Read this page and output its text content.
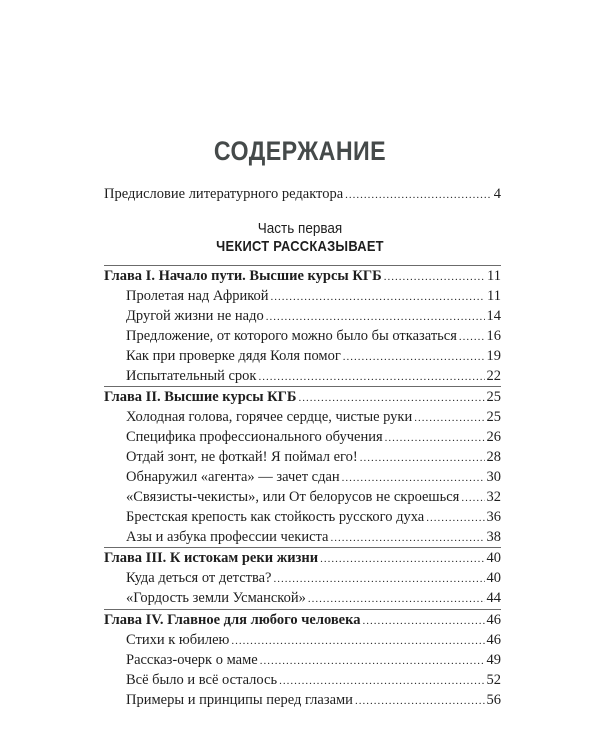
СОДЕРЖАНИЕ
Предисловие литературного редактора .....	4
Часть первая
ЧЕКИСТ РАССКАЗЫВАЕТ
Глава I. Начало пути. Высшие курсы КГБ .....	11
Пролетая над Африкой .....	11
Другой жизни не надо .....	14
Предложение, от которого можно было бы отказаться ..... 16
Как при проверке дядя Коля помог .....	19
Испытательный срок .....	22
Глава II. Высшие курсы КГБ .....	25
Холодная голова, горячее сердце, чистые руки .....	25
Специфика профессионального обучения .....	26
Отдай зонт, не фоткай! Я поймал его! .....	28
Обнаружил «агента» — зачет сдан .....	30
«Связисты-чекисты», или От белорусов не скроешься ..... 32
Брестская крепость как стойкость русского духа .....	36
Азы и азбука профессии чекиста .....	38
Глава III. К истокам реки жизни .....	40
Куда деться от детства? .....	40
«Гордость земли Усманской» .....	44
Глава IV. Главное для любого человека .....	46
Стихи к юбилею .....	46
Рассказ-очерк о маме .....	49
Всё было и всё осталось .....	52
Примеры и принципы перед глазами .....	56
